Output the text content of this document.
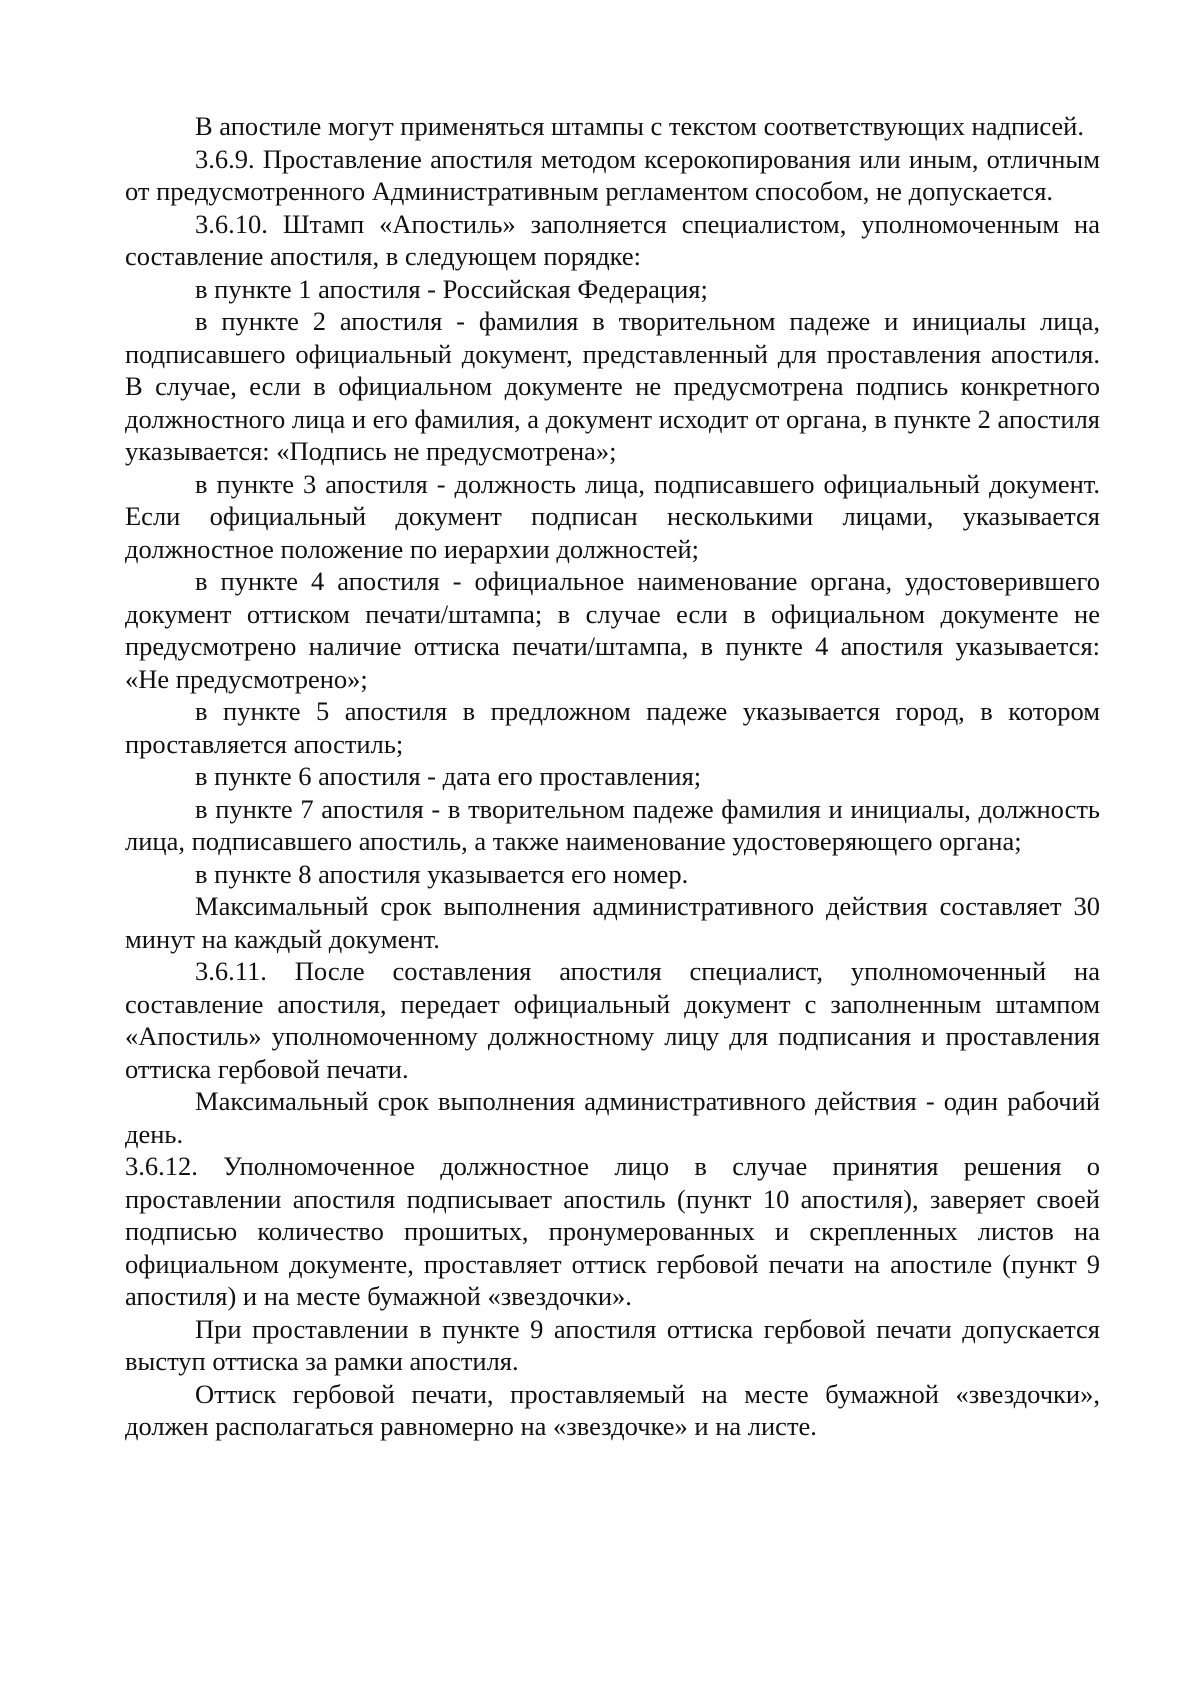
В апостиле могут применяться штампы с текстом соответствующих надписей.

3.6.9. Проставление апостиля методом ксерокопирования или иным, отличным от предусмотренного Административным регламентом способом, не допускается.

3.6.10. Штамп «Апостиль» заполняется специалистом, уполномоченным на составление апостиля, в следующем порядке:

в пункте 1 апостиля - Российская Федерация;

в пункте 2 апостиля - фамилия в творительном падеже и инициалы лица, подписавшего официальный документ, представленный для проставления апостиля. В случае, если в официальном документе не предусмотрена подпись конкретного должностного лица и его фамилия, а документ исходит от органа, в пункте 2 апостиля указывается: «Подпись не предусмотрена»;

в пункте 3 апостиля - должность лица, подписавшего официальный документ. Если официальный документ подписан несколькими лицами, указывается должностное положение по иерархии должностей;

в пункте 4 апостиля - официальное наименование органа, удостоверившего документ оттиском печати/штампа; в случае если в официальном документе не предусмотрено наличие оттиска печати/штампа, в пункте 4 апостиля указывается: «Не предусмотрено»;

в пункте 5 апостиля в предложном падеже указывается город, в котором проставляется апостиль;

в пункте 6 апостиля - дата его проставления;

в пункте 7 апостиля - в творительном падеже фамилия и инициалы, должность лица, подписавшего апостиль, а также наименование удостоверяющего органа;

в пункте 8 апостиля указывается его номер.

Максимальный срок выполнения административного действия составляет 30 минут на каждый документ.

3.6.11. После составления апостиля специалист, уполномоченный на составление апостиля, передает официальный документ с заполненным штампом «Апостиль» уполномоченному должностному лицу для подписания и проставления оттиска гербовой печати.

Максимальный срок выполнения административного действия - один рабочий день.

3.6.12. Уполномоченное должностное лицо в случае принятия решения о проставлении апостиля подписывает апостиль (пункт 10 апостиля), заверяет своей подписью количество прошитых, пронумерованных и скрепленных листов на официальном документе, проставляет оттиск гербовой печати на апостиле (пункт 9 апостиля) и на месте бумажной «звездочки».

При проставлении в пункте 9 апостиля оттиска гербовой печати допускается выступ оттиска за рамки апостиля.

Оттиск гербовой печати, проставляемый на месте бумажной «звездочки», должен располагаться равномерно на «звездочке» и на листе.
